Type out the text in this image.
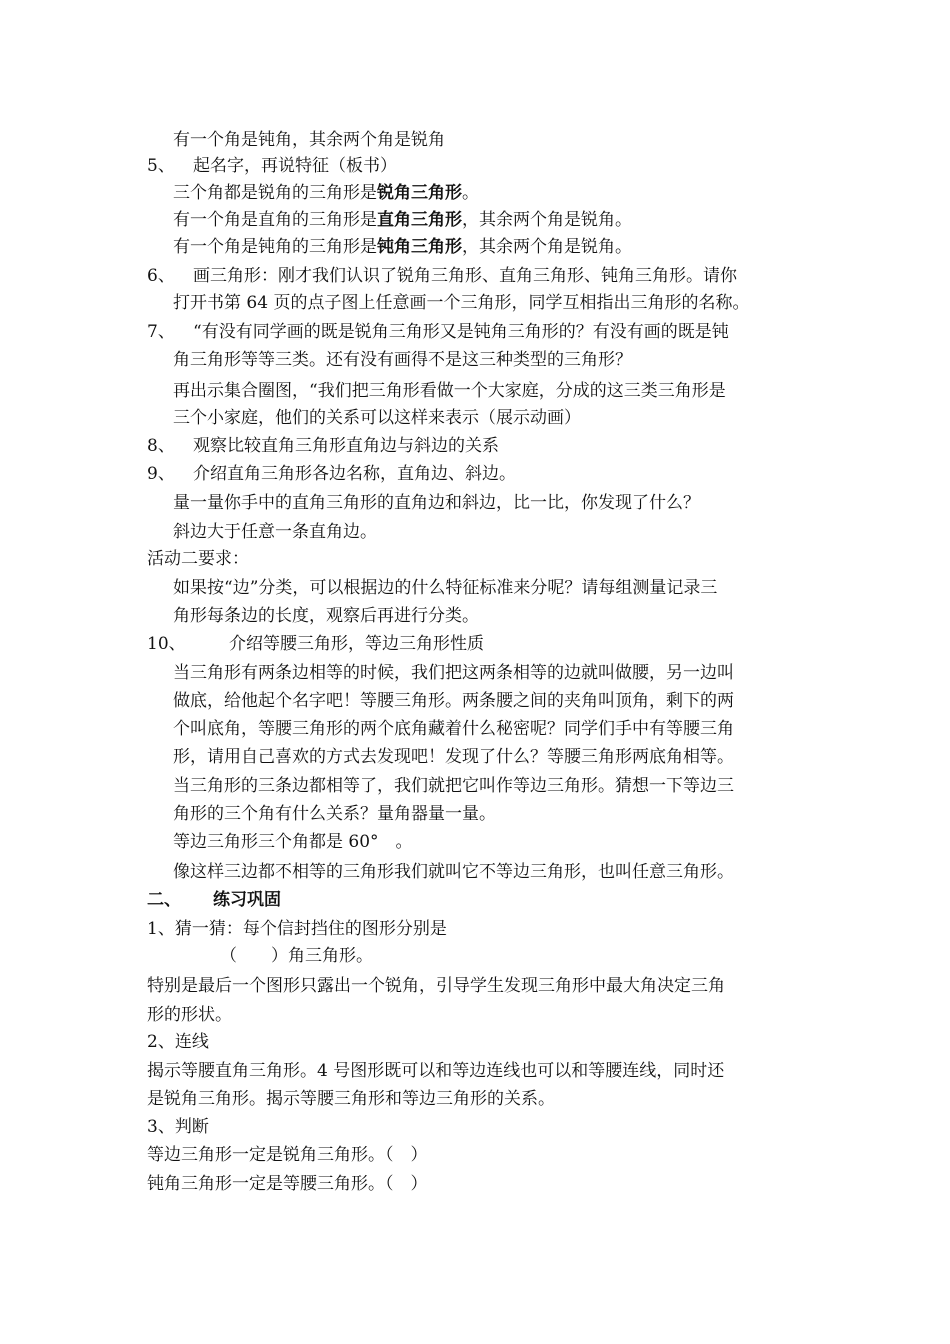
有一个角是钝角，其余两个角是锐角
5、 起名字，再说特征（板书）
三个角都是锐角的三角形是锐角三角形。
有一个角是直角的三角形是直角三角形，其余两个角是锐角。
有一个角是钝角的三角形是钝角三角形，其余两个角是锐角。
6、 画三角形：刚才我们认识了锐角三角形、直角三角形、钝角三角形。请你
打开书第 64 页的点子图上任意画一个三角形，同学互相指出三角形的名称。
7、 “有没有同学画的既是锐角三角形又是钝角三角形的？有没有画的既是钝
角三角形等等三类。还有没有画得不是这三种类型的三角形？
再出示集合圈图，“我们把三角形看做一个大家庭，分成的这三类三角形是
三个小家庭，他们的关系可以这样来表示（展示动画）
8、 观察比较直角三角形直角边与斜边的关系
9、 介绍直角三角形各边名称，直角边、斜边。
量一量你手中的直角三角形的直角边和斜边，比一比，你发现了什么？
斜边大于任意一条直角边。
活动二要求：
如果按“边”分类，可以根据边的什么特征标准来分呢？请每组测量记录三
角形每条边的长度，观察后再进行分类。
10、	介绍等腰三角形，等边三角形性质
当三角形有两条边相等的时候，我们把这两条相等的边就叫做腰，另一边叫
做底，给他起个名字吧！等腰三角形。两条腰之间的夹角叫顶角，剩下的两
个叫底角，等腰三角形的两个底角藏着什么秘密呢？同学们手中有等腰三角
形，请用自己喜欢的方式去发现吧！发现了什么？等腰三角形两底角相等。
当三角形的三条边都相等了，我们就把它叫作等边三角形。猜想一下等边三
角形的三个角有什么关系？量角器量一量。
等边三角形三个角都是 60°　。
像这样三边都不相等的三角形我们就叫它不等边三角形，也叫任意三角形。
二、 练习巩固
1、猜一猜：每个信封挡住的图形分别是
（　　）角三角形。
特别是最后一个图形只露出一个锐角，引导学生发现三角形中最大角决定三角
形的形状。
2、连线
揭示等腰直角三角形。4 号图形既可以和等边连线也可以和等腰连线，同时还
是锐角三角形。揭示等腰三角形和等边三角形的关系。
3、判断
等边三角形一定是锐角三角形。（　）
钝角三角形一定是等腰三角形。（　）
